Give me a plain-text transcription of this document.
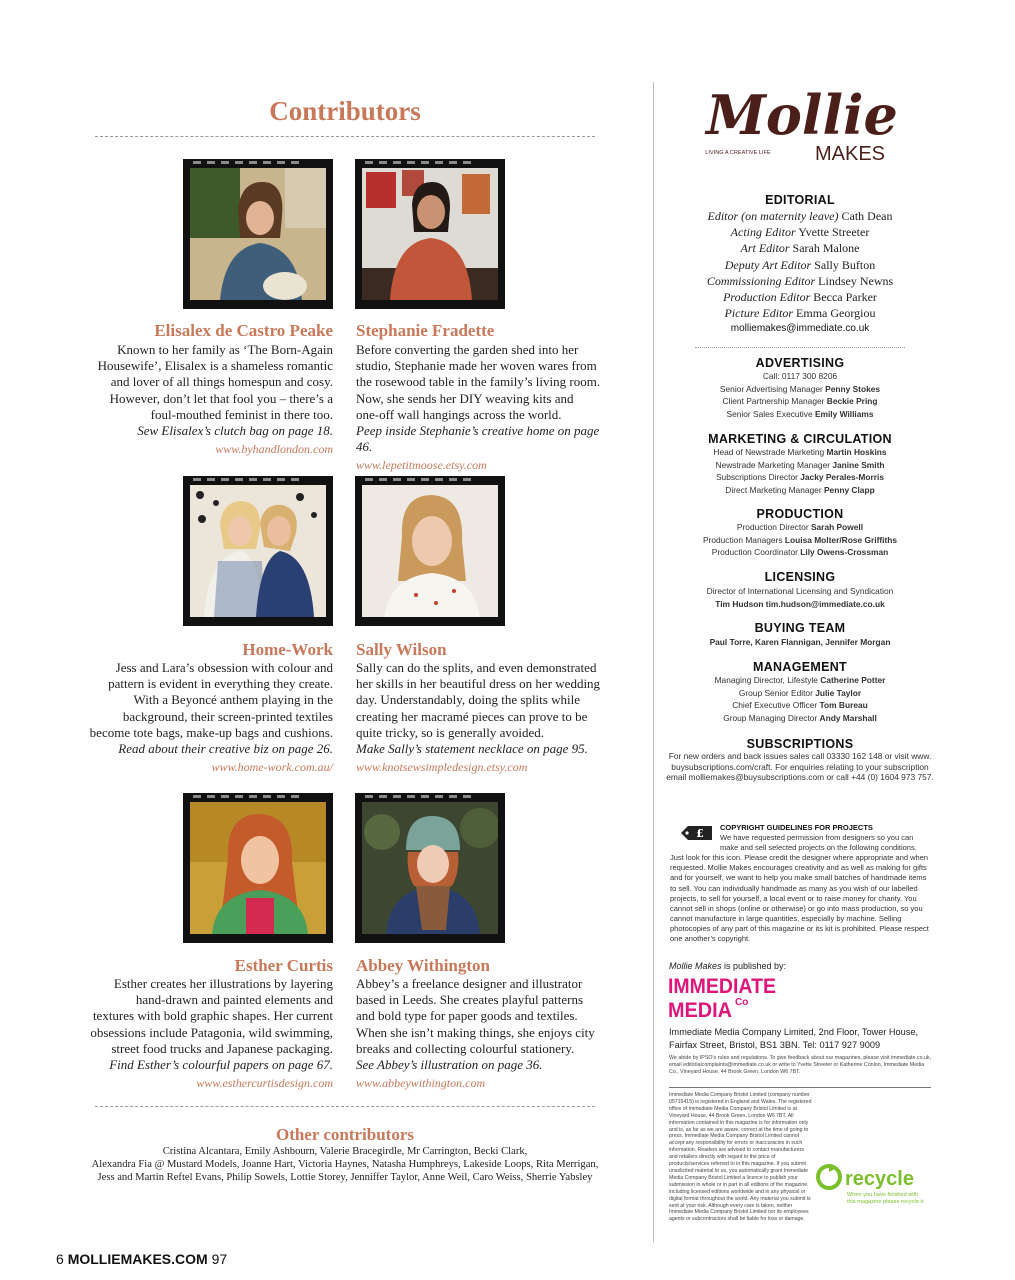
Contributors
Elisalex de Castro Peake

Known to her family as ‘The Born-Again

Housewife’, Elisalex is a shameless romantic

and lover of all things homespun and cosy.

However, don’t let that fool you – there’s a

foul-mouthed feminist in there too.

Sew Elisalex’s clutch bag on page 18.

www.byhandlondon.com

Stephanie Fradette

Before converting the garden shed into her

studio, Stephanie made her woven wares from

the rosewood table in the family’s living room.

Now, she sends her DIY weaving kits and

one-off wall hangings across the world.

Peep inside Stephanie’s creative home on page 46.

www.lepetitmoose.etsy.com

Home-Work

Jess and Lara’s obsession with colour and

pattern is evident in everything they create.

With a Beyoncé anthem playing in the

background, their screen-printed textiles

become tote bags, make-up bags and cushions.

Read about their creative biz on page 26.

www.home-work.com.au/

Sally Wilson

Sally can do the splits, and even demonstrated

her skills in her beautiful dress on her wedding

day. Understandably, doing the splits while

creating her macramé pieces can prove to be

quite tricky, so is generally avoided.

Make Sally’s statement necklace on page 95.

www.knotsewsimpledesign.etsy.com

Esther Curtis

Esther creates her illustrations by layering

hand-drawn and painted elements and

textures with bold graphic shapes. Her current

obsessions include Patagonia, wild swimming,

street food trucks and Japanese packaging.

Find Esther’s colourful papers on page 67.

www.esthercurtisdesign.com

Abbey Withington

Abbey’s a freelance designer and illustrator

based in Leeds. She creates playful patterns

and bold type for paper goods and textiles.

When she isn’t making things, she enjoys city

breaks and collecting colourful stationery.

See Abbey’s illustration on page 36.

www.abbeywithington.com

Other contributors
Cristina Alcantara, Emily Ashbourn, Valerie Bracegirdle, Mr Carrington, Becki Clark,
Alexandra Fia @ Mustard Models, Joanne Hart, Victoria Haynes, Natasha Humphreys, Lakeside Loops, Rita Merrigan,
Jess and Martin Reftel Evans, Philip Sowels, Lottie Storey, Jenniffer Taylor, Anne Weil, Caro Weiss, Sherrie Yabsley
6 MOLLIEMAKES.COM 97
Mollie
MAKES
LIVING A CREATIVE LIFE
EDITORIAL
Editor (on maternity leave) Cath Dean
Acting Editor Yvette Streeter
Art Editor Sarah Malone
Deputy Art Editor Sally Bufton
Commissioning Editor Lindsey Newns
Production Editor Becca Parker
Picture Editor Emma Georgiou
molliemakes@immediate.co.uk
ADVERTISING
Call: 0117 300 8206
Senior Advertising Manager Penny Stokes
Client Partnership Manager Beckie Pring
Senior Sales Executive Emily Williams
MARKETING & CIRCULATION
Head of Newstrade Marketing Martin Hoskins
Newstrade Marketing Manager Janine Smith
Subscriptions Director Jacky Perales-Morris
Direct Marketing Manager Penny Clapp
PRODUCTION
Production Director Sarah Powell
Production Managers Louisa Molter/Rose Griffiths
Production Coordinator Lily Owens-Crossman
LICENSING
Director of International Licensing and Syndication
Tim Hudson tim.hudson@immediate.co.uk
BUYING TEAM
Paul Torre, Karen Flannigan, Jennifer Morgan
MANAGEMENT
Managing Director, Lifestyle Catherine Potter
Group Senior Editor Julie Taylor
Chief Executive Officer Tom Bureau
Group Managing Director Andy Marshall
SUBSCRIPTIONS
For new orders and back issues sales call 03330 162 148 or visit www.
buysubscriptions.com/craft. For enquiries relating to your subscription
email molliemakes@buysubscriptions.com or call +44 (0) 1604 973 757.
£ COPYRIGHT GUIDELINES FOR PROJECTS
We have requested permission from designers so you can make and sell selected projects on the following conditions. Just look for this icon. Please credit the designer where appropriate and when requested. Mollie Makes encourages creativity and as well as making for gifts and for yourself, we want to help you make small batches of handmade items to sell. You can individually handmade as many as you wish of our labelled projects, to sell for yourself, a local event or to raise money for charity. You cannot sell in shops (online or otherwise) or go into mass production, so you cannot manufacture in large quantities, especially by machine. Selling photocopies of any part of this magazine or its kit is prohibited. Please respect one another’s copyright.
Mollie Makes is published by:
IMMEDIATE
MEDIA Co
Immediate Media Company Limited, 2nd Floor, Tower House,
Fairfax Street, Bristol, BS1 3BN. Tel: 0117 927 9009
We abide by IPSO’s rules and regulations. To give feedback about our magazines, please visit immediate.co.uk, email editorialcomplaints@immediate.co.uk or write to Yvette Streeter or Katherine Conlon, Immediate Media Co., Vineyard House, 44 Brook Green, London W6 7BT.
Immediate Media Company Bristol Limited (company number 05715415) is registered in England and Wales. The registered office of Immediate Media Company Bristol Limited is at Vineyard House, 44 Brook Green, London W6 7BT. All information contained in this magazine is for information only and is, as far as we are aware, correct at the time of going to press. Immediate Media Company Bristol Limited cannot accept any responsibility for errors or inaccuracies in such information. Readers are advised to contact manufacturers and retailers directly with regard to the price of products/services referred to in this magazine. If you submit unsolicited material to us, you automatically grant Immediate Media Company Bristol Limited a licence to publish your submission in whole or in part in all editions of the magazine, including licensed editions worldwide and in any physical or digital format throughout the world. Any material you submit is sent at your risk. Although every care is taken, neither Immediate Media Company Bristol Limited nor its employees agents or subcontractors shall be liable for loss or damage.
recycle
When you have finished with
this magazine please recycle it.
